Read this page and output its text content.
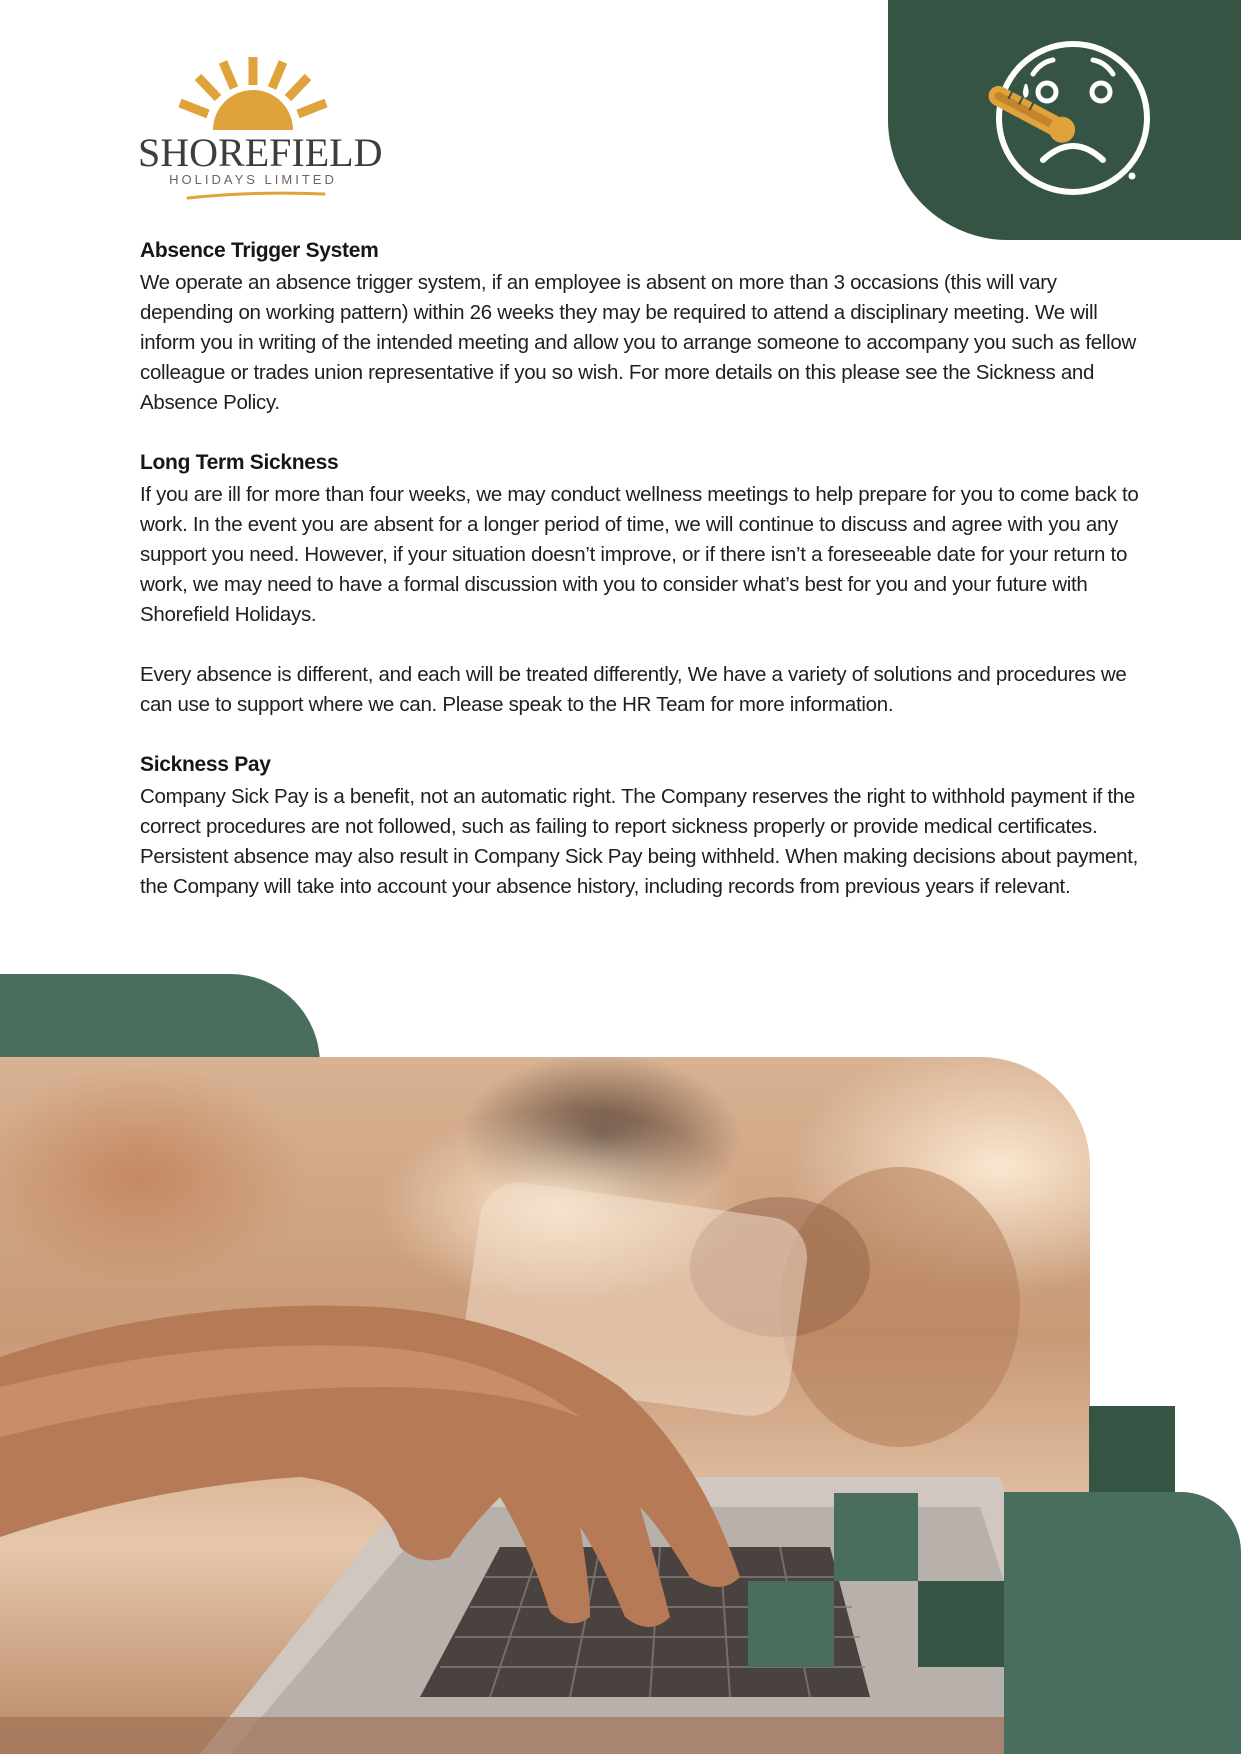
SHOREFIELD
HOLIDAYS LIMITED
Absence Trigger System

We operate an absence trigger system, if an employee is absent on more than 3 occasions (this will vary depending on working pattern) within 26 weeks they may be required to attend a disciplinary meeting. We will inform you in writing of the intended meeting and allow you to arrange someone to accompany you such as fellow colleague or trades union representative if you so wish. For more details on this please see the Sickness and Absence Policy.

Long Term Sickness

If you are ill for more than four weeks, we may conduct wellness meetings to help prepare for you to come back to work. In the event you are absent for a longer period of time, we will continue to discuss and agree with you any support you need. However, if your situation doesn’t improve, or if there isn’t a foreseeable date for your return to work, we may need to have a formal discussion with you to consider what’s best for you and your future with Shorefield Holidays.

Every absence is different, and each will be treated differently, We have a variety of solutions and procedures we can use to support where we can. Please speak to the HR Team for more information.

Sickness Pay

Company Sick Pay is a benefit, not an automatic right. The Company reserves the right to withhold payment if the correct procedures are not followed, such as failing to report sickness properly or provide medical certificates. Persistent absence may also result in Company Sick Pay being withheld. When making decisions about payment, the Company will take into account your absence history, including records from previous years if relevant.
